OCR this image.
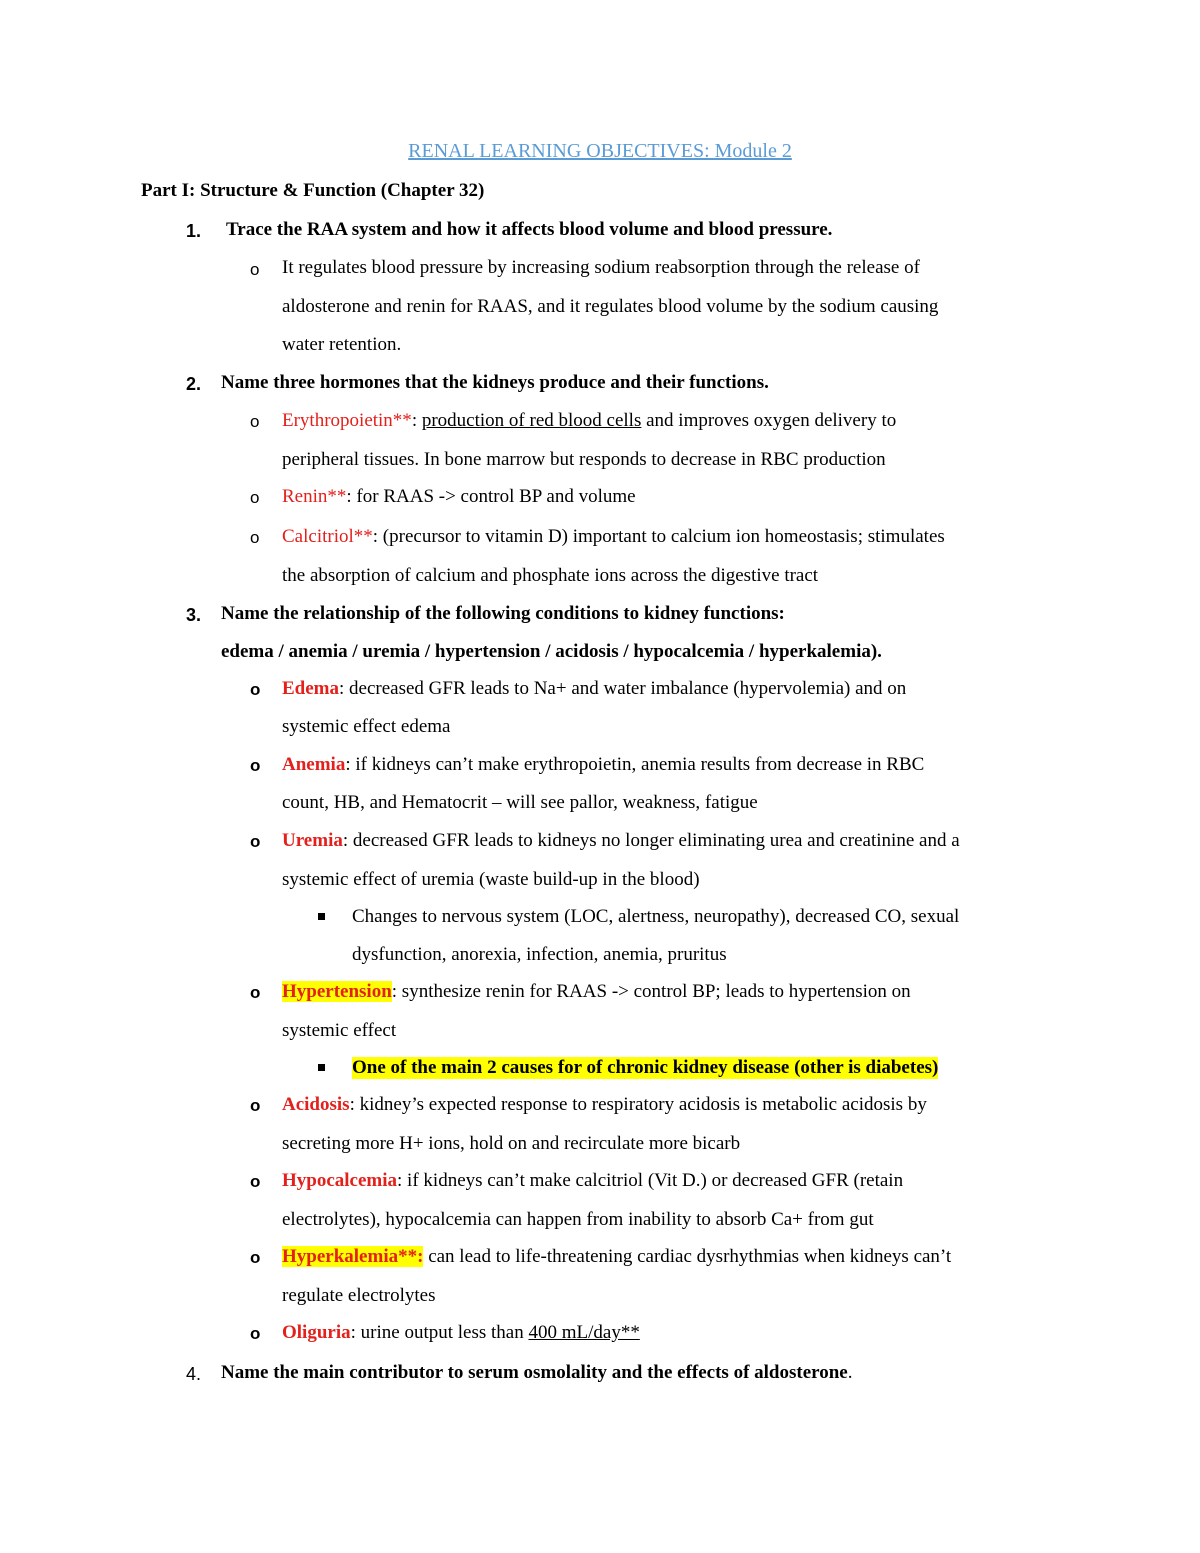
RENAL LEARNING OBJECTIVES: Module 2
Part I: Structure & Function (Chapter 32)
1. Trace the RAA system and how it affects blood volume and blood pressure.
o It regulates blood pressure by increasing sodium reabsorption through the release of
aldosterone and renin for RAAS, and it regulates blood volume by the sodium causing
water retention.
2. Name three hormones that the kidneys produce and their functions.
o Erythropoietin**: production of red blood cells and improves oxygen delivery to
peripheral tissues. In bone marrow but responds to decrease in RBC production
o Renin**: for RAAS -> control BP and volume
o Calcitriol**: (precursor to vitamin D) important to calcium ion homeostasis; stimulates
the absorption of calcium and phosphate ions across the digestive tract
3. Name the relationship of the following conditions to kidney functions:
edema / anemia / uremia / hypertension / acidosis / hypocalcemia / hyperkalemia).
o Edema: decreased GFR leads to Na+ and water imbalance (hypervolemia) and on
systemic effect edema
o Anemia: if kidneys can’t make erythropoietin, anemia results from decrease in RBC
count, HB, and Hematocrit – will see pallor, weakness, fatigue
o Uremia: decreased GFR leads to kidneys no longer eliminating urea and creatinine and a
systemic effect of uremia (waste build-up in the blood)
Changes to nervous system (LOC, alertness, neuropathy), decreased CO, sexual
dysfunction, anorexia, infection, anemia, pruritus
o Hypertension: synthesize renin for RAAS -> control BP; leads to hypertension on
systemic effect
One of the main 2 causes for of chronic kidney disease (other is diabetes)
o Acidosis: kidney’s expected response to respiratory acidosis is metabolic acidosis by
secreting more H+ ions, hold on and recirculate more bicarb
o Hypocalcemia: if kidneys can’t make calcitriol (Vit D.) or decreased GFR (retain
electrolytes), hypocalcemia can happen from inability to absorb Ca+ from gut
o Hyperkalemia**: can lead to life-threatening cardiac dysrhythmias when kidneys can’t
regulate electrolytes
o Oliguria: urine output less than 400 mL/day**
4. Name the main contributor to serum osmolality and the effects of aldosterone.
